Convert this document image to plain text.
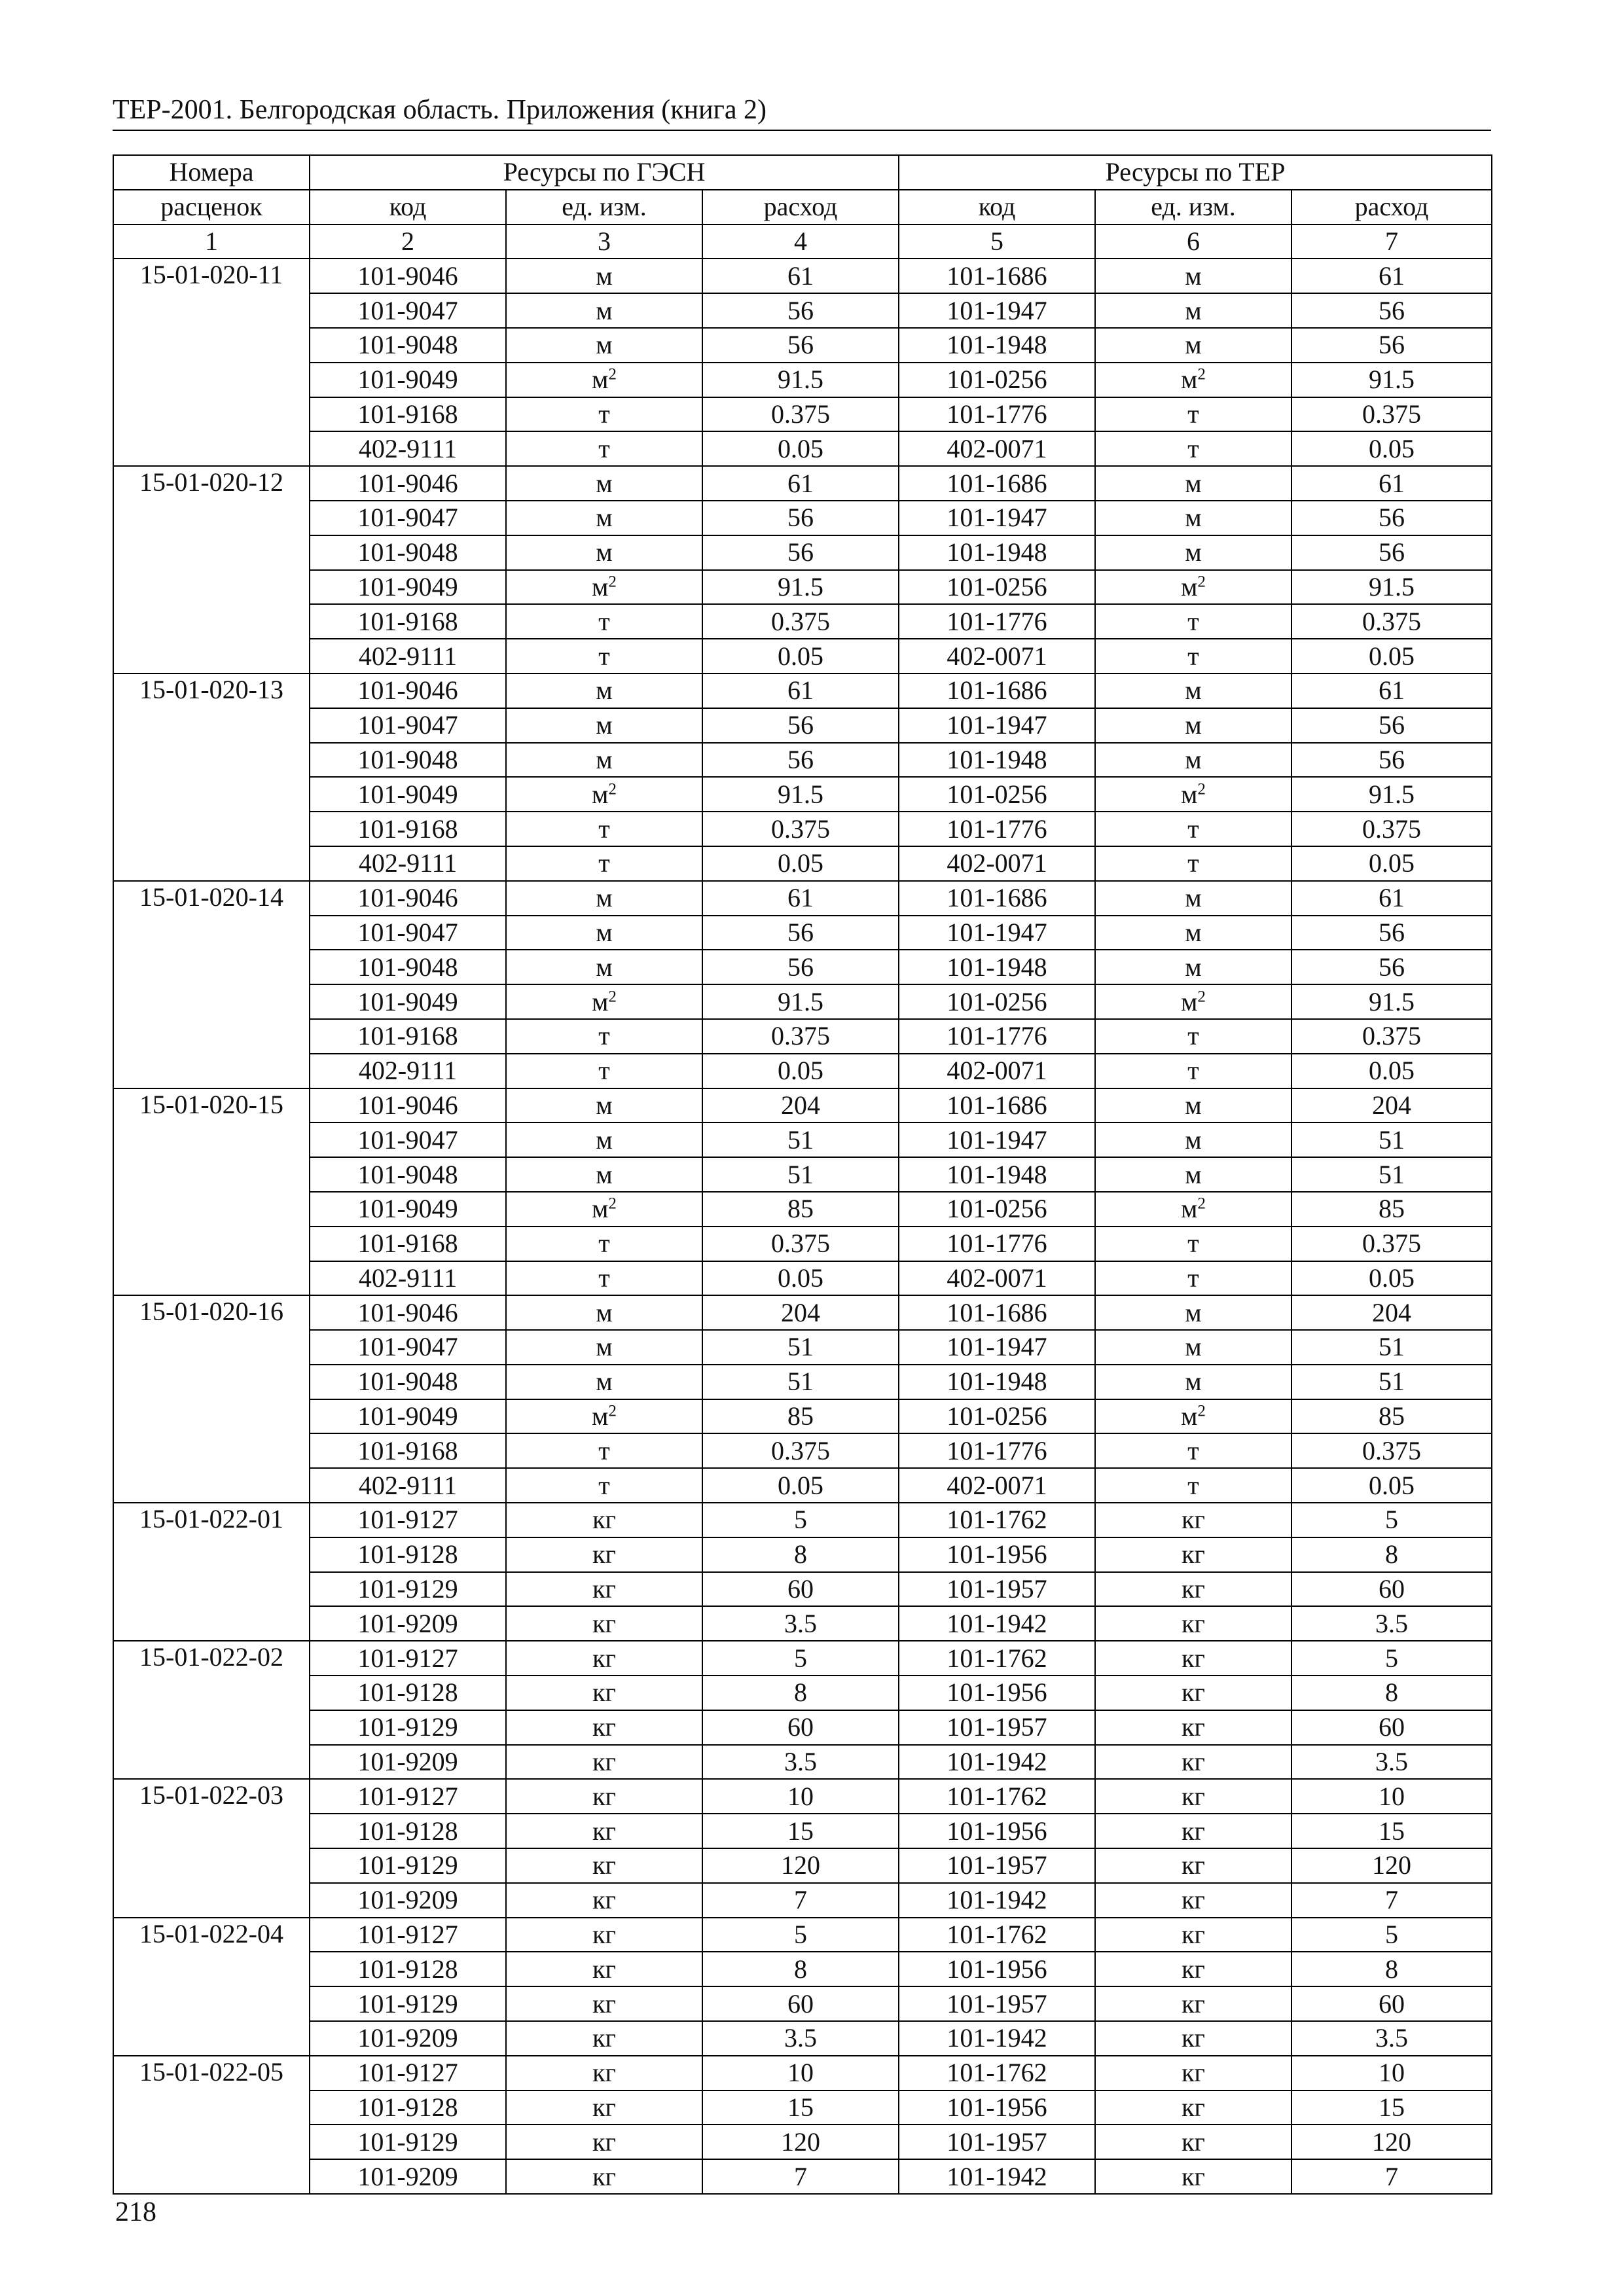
ТЕР-2001. Белгородская область. Приложения (книга 2)
Номера	Ресурсы по ГЭСН			Ресурсы по ТЕР		
расценок	код	ед. изм.	расход	код	ед. изм.	расход
1	2	3	4	5	6	7
15-01-020-11	101-9046	м	61	101-1686	м	61
	101-9047	м	56	101-1947	м	56
	101-9048	м	56	101-1948	м	56
	101-9049	$м^2$	91.5	101-0256	$м^2$	91.5
	101-9168	т	0.375	101-1776	т	0.375
	402-9111	т	0.05	402-0071	т	0.05
15-01-020-12	101-9046	м	61	101-1686	м	61
	101-9047	м	56	101-1947	м	56
	101-9048	м	56	101-1948	м	56
	101-9049	$м^2$	91.5	101-0256	$м^2$	91.5
	101-9168	т	0.375	101-1776	т	0.375
	402-9111	т	0.05	402-0071	т	0.05
15-01-020-13	101-9046	м	61	101-1686	м	61
	101-9047	м	56	101-1947	м	56
	101-9048	м	56	101-1948	м	56
	101-9049	$м^2$	91.5	101-0256	$м^2$	91.5
	101-9168	т	0.375	101-1776	т	0.375
	402-9111	т	0.05	402-0071	т	0.05
15-01-020-14	101-9046	м	61	101-1686	м	61
	101-9047	м	56	101-1947	м	56
	101-9048	м	56	101-1948	м	56
	101-9049	$м^2$	91.5	101-0256	$м^2$	91.5
	101-9168	т	0.375	101-1776	т	0.375
	402-9111	т	0.05	402-0071	т	0.05
15-01-020-15	101-9046	м	204	101-1686	м	204
	101-9047	м	51	101-1947	м	51
	101-9048	м	51	101-1948	м	51
	101-9049	$м^2$	85	101-0256	$м^2$	85
	101-9168	т	0.375	101-1776	т	0.375
	402-9111	т	0.05	402-0071	т	0.05
15-01-020-16	101-9046	м	204	101-1686	м	204
	101-9047	м	51	101-1947	м	51
	101-9048	м	51	101-1948	м	51
	101-9049	$м^2$	85	101-0256	$м^2$	85
	101-9168	т	0.375	101-1776	т	0.375
	402-9111	т	0.05	402-0071	т	0.05
15-01-022-01	101-9127	кг	5	101-1762	кг	5
	101-9128	кг	8	101-1956	кг	8
	101-9129	кг	60	101-1957	кг	60
	101-9209	кг	3.5	101-1942	кг	3.5
15-01-022-02	101-9127	кг	5	101-1762	кг	5
	101-9128	кг	8	101-1956	кг	8
	101-9129	кг	60	101-1957	кг	60
	101-9209	кг	3.5	101-1942	кг	3.5
15-01-022-03	101-9127	кг	10	101-1762	кг	10
	101-9128	кг	15	101-1956	кг	15
	101-9129	кг	120	101-1957	кг	120
	101-9209	кг	7	101-1942	кг	7
15-01-022-04	101-9127	кг	5	101-1762	кг	5
	101-9128	кг	8	101-1956	кг	8
	101-9129	кг	60	101-1957	кг	60
	101-9209	кг	3.5	101-1942	кг	3.5
15-01-022-05	101-9127	кг	10	101-1762	кг	10
	101-9128	кг	15	101-1956	кг	15
	101-9129	кг	120	101-1957	кг	120
	101-9209	кг	7	101-1942	кг	7
218
